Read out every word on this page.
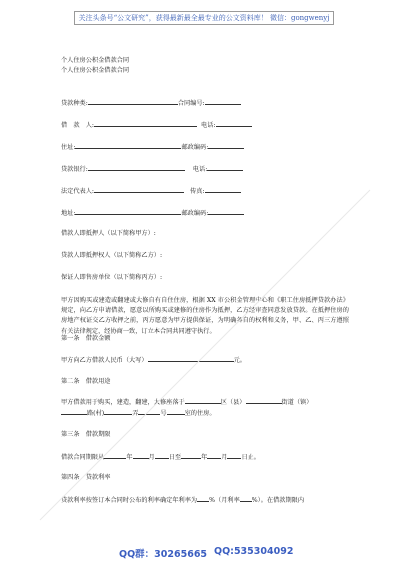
关注头条号“公文研究”，获得最新最全最专业的公文资料库！ 微信：gongwenyj
个人住房公积金借款合同
个人住房公积金借款合同
贷款种类:	合同编号:
借　款　人:	电话:
住址:	邮政编码:
贷款银行:	电话:
法定代表人:	传真:
地址:	邮政编码:
借款人即抵押人（以下简称甲方）:
贷款人即抵押权人（以下简称乙方）:
保证人即售房单位（以下简称丙方）:
甲方因购买或建造或翻建或大修自有自住住房，根据 XX 市公积金管理中心和《职工住房抵押贷款办法》规定，向乙方申请借款，愿意以所购买或建修的住房作为抵押，乙方经审查同意发放贷款。在抵押住房的房地产权证交乙方收押之前，丙方愿意为甲方提供保证，为明确各自的权利和义务，甲、乙、丙三方遵照有关法律规定，经协商一致，订立本合同共同遵守执行。
第一条　借款金额
甲方向乙方借款人民币（大写）	元。
第二条　借款用途
甲方借款用于购买，建造，翻建，大修座落于	区（县）	街道（镇）
路(村)	弄	号	室的住房。
第三条　借款期限
借款合同期限从	年	月 日至	年 月 日止。
第四条　贷款利率
贷款利率按签订本合同时公布的利率确定年利率为 %（月利率 %）。在借款期限内
QQ群：30265665 QQ:535304092
